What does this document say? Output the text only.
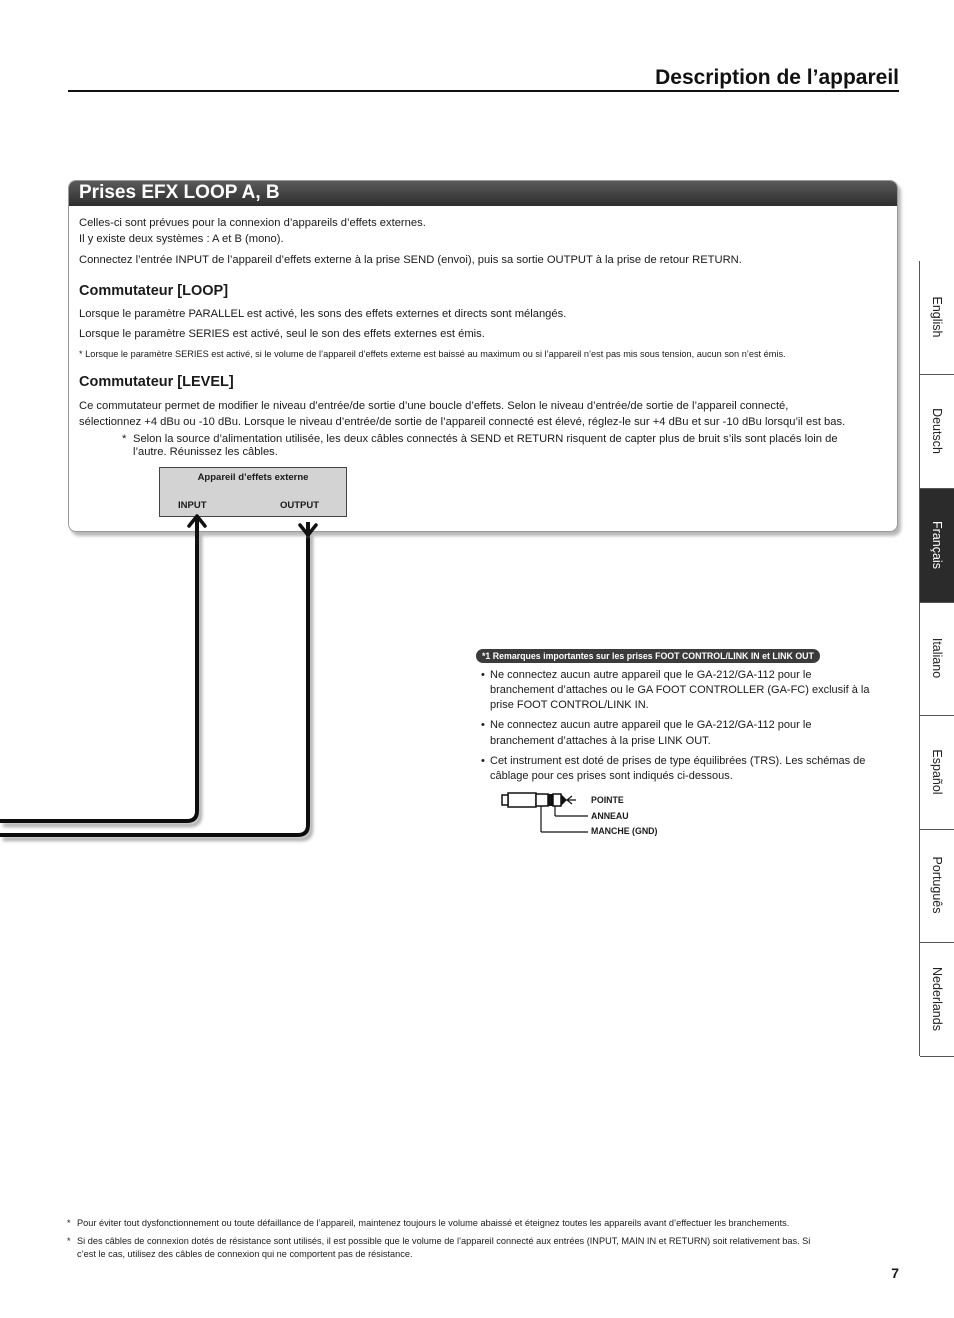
Description de l’appareil
Prises EFX LOOP A, B
Celles-ci sont prévues pour la connexion d’appareils d’effets externes.
Il y existe deux systèmes : A et B (mono).
Connectez l’entrée INPUT de l’appareil d’effets externe à la prise SEND (envoi), puis sa sortie OUTPUT à la prise de retour RETURN.
Commutateur [LOOP]
Lorsque le paramètre PARALLEL est activé, les sons des effets externes et directs sont mélangés.
Lorsque le paramètre SERIES est activé, seul le son des effets externes est émis.
* Lorsque le paramètre SERIES est activé, si le volume de l’appareil d’effets externe est baissé au maximum ou si l’appareil n’est pas mis sous tension, aucun son n’est émis.
Commutateur [LEVEL]
Ce commutateur permet de modifier le niveau d’entrée/de sortie d’une boucle d’effets. Selon le niveau d’entrée/de sortie de l’appareil connecté,
sélectionnez +4 dBu ou -10 dBu. Lorsque le niveau d’entrée/de sortie de l’appareil connecté est élevé, réglez-le sur +4 dBu et sur -10 dBu lorsqu’il est bas.
* Selon la source d’alimentation utilisée, les deux câbles connectés à SEND et RETURN risquent de capter plus de bruit s’ils sont placés loin de
l’autre. Réunissez les câbles.
Appareil d’effets externe
INPUT	OUTPUT
English
Deutsch
Français
Italiano
Español
Português
Nederlands
*1 Remarques importantes sur les prises FOOT CONTROL/LINK IN et LINK OUT
• Ne connectez aucun autre appareil que le GA-212/GA-112 pour le
branchement d’attaches ou le GA FOOT CONTROLLER (GA-FC) exclusif à la
prise FOOT CONTROL/LINK IN.
• Ne connectez aucun autre appareil que le GA-212/GA-112 pour le
branchement d’attaches à la prise LINK OUT.
• Cet instrument est doté de prises de type équilibrées (TRS). Les schémas de
câblage pour ces prises sont indiqués ci-dessous.
POINTE
ANNEAU
MANCHE (GND)
* Pour éviter tout dysfonctionnement ou toute défaillance de l’appareil, maintenez toujours le volume abaissé et éteignez toutes les appareils avant d’effectuer les branchements.
* Si des câbles de connexion dotés de résistance sont utilisés, il est possible que le volume de l’appareil connecté aux entrées (INPUT, MAIN IN et RETURN) soit relativement bas. Si
c’est le cas, utilisez des câbles de connexion qui ne comportent pas de résistance.
7
